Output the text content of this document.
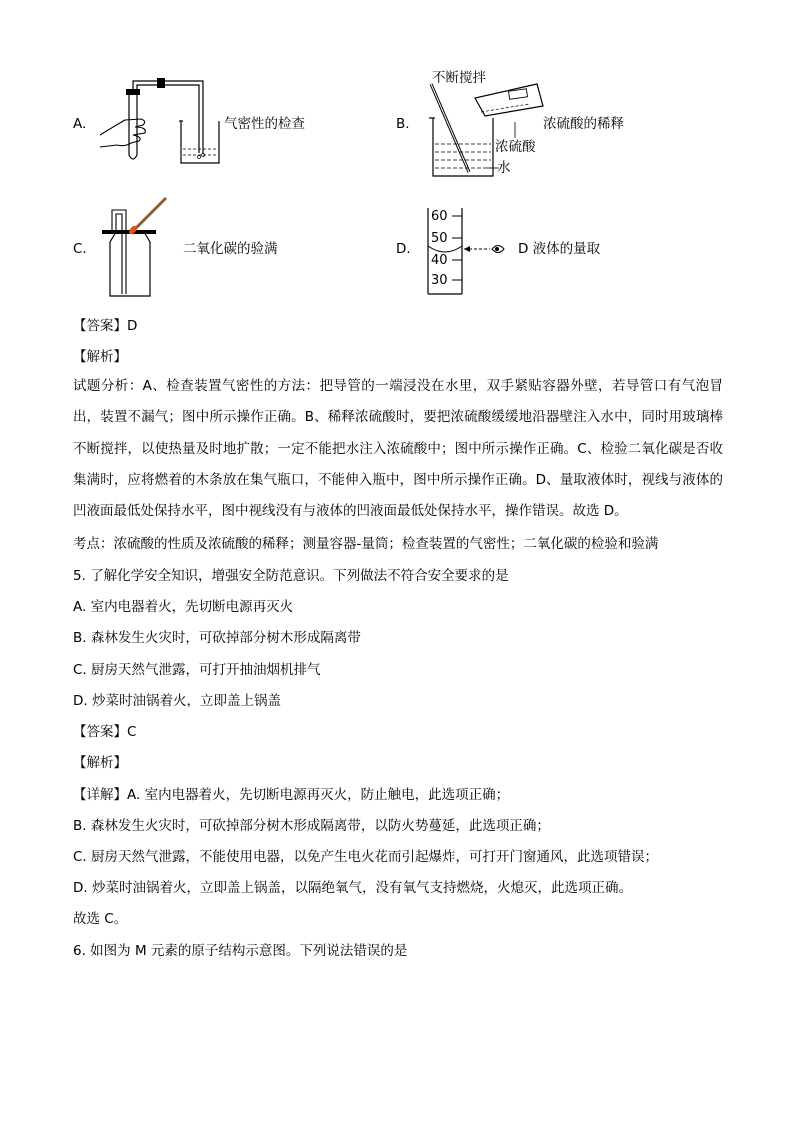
A.	气密性的检查	B.
不断搅拌
浓硫酸的稀释
浓硫酸
水
C.	二氧化碳的验满	D.
60
50
40
30
D 液体的量取
【答案】D
【解析】
试题分析：A、检查装置气密性的方法：把导管的一端浸没在水里，双手紧贴容器外壁，若导管口有气泡冒出，装置不漏气；图中所示操作正确。B、稀释浓硫酸时，要把浓硫酸缓缓地沿器壁注入水中，同时用玻璃棒不断搅拌，以使热量及时地扩散；一定不能把水注入浓硫酸中；图中所示操作正确。C、检验二氧化碳是否收集满时，应将燃着的木条放在集气瓶口，不能伸入瓶中，图中所示操作正确。D、量取液体时，视线与液体的凹液面最低处保持水平，图中视线没有与液体的凹液面最低处保持水平，操作错误。故选 D。
考点：浓硫酸的性质及浓硫酸的稀释；测量容器-量筒；检查装置的气密性；二氧化碳的检验和验满
5. 了解化学安全知识，增强安全防范意识。下列做法不符合安全要求的是
A. 室内电器着火，先切断电源再灭火
B. 森林发生火灾时，可砍掉部分树木形成隔离带
C. 厨房天然气泄露，可打开抽油烟机排气
D. 炒菜时油锅着火，立即盖上锅盖
【答案】C
【解析】
【详解】A. 室内电器着火，先切断电源再灭火，防止触电，此选项正确；
B. 森林发生火灾时，可砍掉部分树木形成隔离带，以防火势蔓延，此选项正确；
C. 厨房天然气泄露，不能使用电器，以免产生电火花而引起爆炸，可打开门窗通风，此选项错误；
D. 炒菜时油锅着火，立即盖上锅盖，以隔绝氧气，没有氧气支持燃烧，火熄灭，此选项正确。
故选 C。
6. 如图为 M 元素的原子结构示意图。下列说法错误的是
